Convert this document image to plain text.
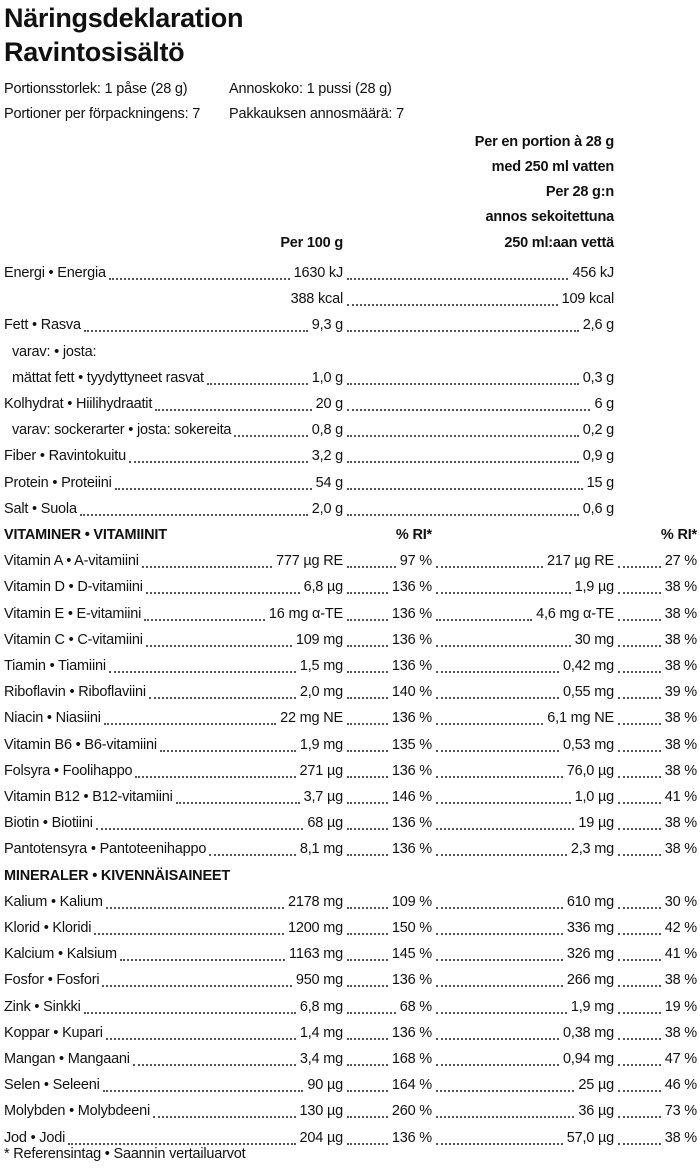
Näringsdeklaration
Ravintosisältö
Portionsstorlek: 1 påse (28 g)
Portioner per förpackningens: 7
Annoskoko: 1 pussi (28 g)
Pakkauksen annosmäärä: 7
Per en portion à 28 g
med 250 ml vatten
Per 28 g:n
annos sekoitettuna
250 ml:aan vettä
Per 100 g
Energi • Energia	1630 kJ	456 kJ
388 kcal	109 kcal
Fett • Rasva	9,3 g	2,6 g
varav: • josta:
mättat fett • tyydyttyneet rasvat	1,0 g	0,3 g
Kolhydrat • Hiilihydraatit	20 g	6 g
varav: sockerarter • josta: sokereita	0,8 g	0,2 g
Fiber • Ravintokuitu	3,2 g	0,9 g
Protein • Proteiini	54 g	15 g
Salt • Suola	2,0 g	0,6 g
VITAMINER • VITAMIINIT	% RI*	% RI*
Vitamin A • A-vitamiini	777 µg RE	97 %	217 µg RE	27 %
Vitamin D • D-vitamiini	6,8 µg	136 %	1,9 µg	38 %
Vitamin E • E-vitamiini	16 mg α-TE	136 %	4,6 mg α-TE	38 %
Vitamin C • C-vitamiini	109 mg	136 %	30 mg	38 %
Tiamin • Tiamiini	1,5 mg	136 %	0,42 mg	38 %
Riboflavin • Riboflaviini	2,0 mg	140 %	0,55 mg	39 %
Niacin • Niasiini	22 mg NE	136 %	6,1 mg NE	38 %
Vitamin B6 • B6-vitamiini	1,9 mg	135 %	0,53 mg	38 %
Folsyra • Foolihappo	271 µg	136 %	76,0 µg	38 %
Vitamin B12 • B12-vitamiini	3,7 µg	146 %	1,0 µg	41 %
Biotin • Biotiini	68 µg	136 %	19 µg	38 %
Pantotensyra • Pantoteenihappo	8,1 mg	136 %	2,3 mg	38 %
MINERALER • KIVENNÄISAINEET
Kalium • Kalium	2178 mg	109 %	610 mg	30 %
Klorid • Kloridi	1200 mg	150 %	336 mg	42 %
Kalcium • Kalsium	1163 mg	145 %	326 mg	41 %
Fosfor • Fosfori	950 mg	136 %	266 mg	38 %
Zink • Sinkki	6,8 mg	68 %	1,9 mg	19 %
Koppar • Kupari	1,4 mg	136 %	0,38 mg	38 %
Mangan • Mangaani	3,4 mg	168 %	0,94 mg	47 %
Selen • Seleeni	90 µg	164 %	25 µg	46 %
Molybden • Molybdeeni	130 µg	260 %	36 µg	73 %
Jod • Jodi	204 µg	136 %	57,0 µg	38 %
* Referensintag • Saannin vertailuarvot
